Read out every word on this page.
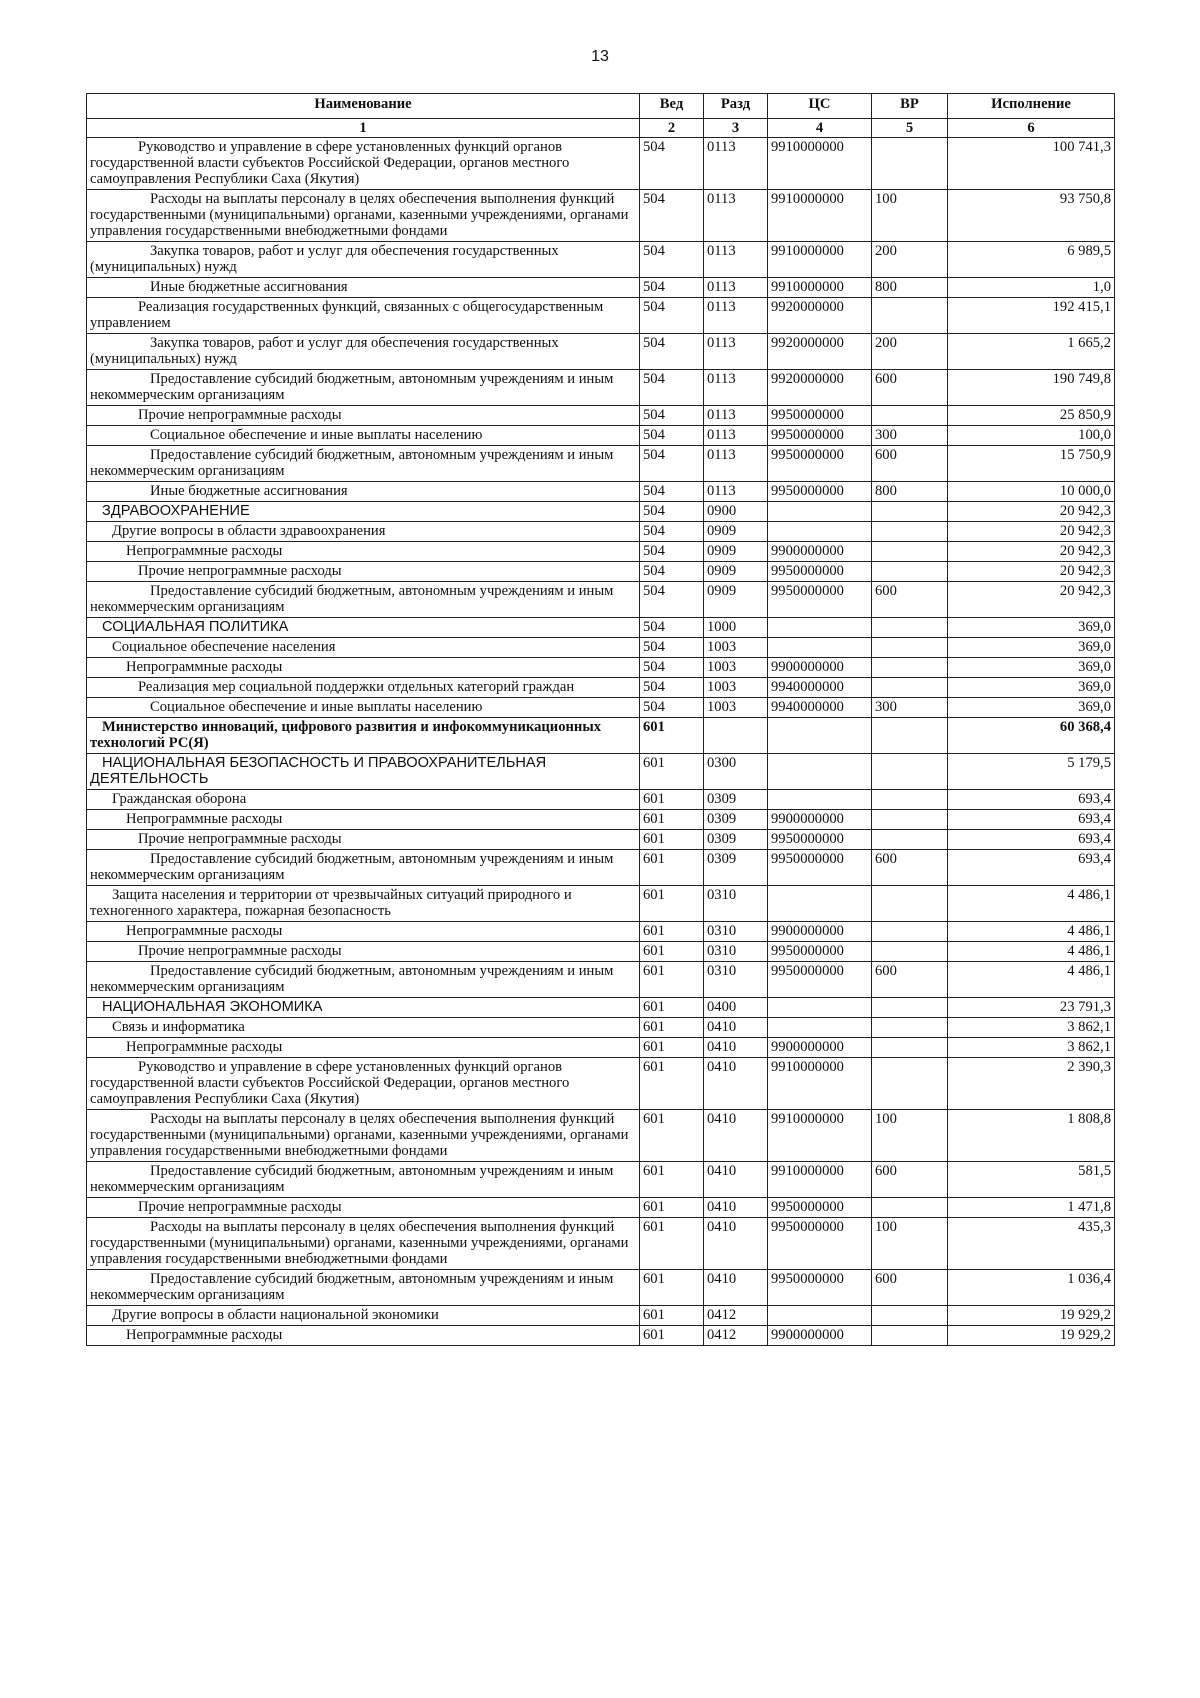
13
Наименование	Вед	Разд	ЦС	ВР	Исполнение
1	2	3	4	5	6
Руководство и управление в сфере установленных функций органов государственной власти субъектов Российской Федерации, органов местного самоуправления Республики Саха (Якутия)	504	0113	9910000000		100 741,3
Расходы на выплаты персоналу в целях обеспечения выполнения функций государственными (муниципальными) органами, казенными учреждениями, органами управления государственными внебюджетными фондами	504	0113	9910000000	100	93 750,8
Закупка товаров, работ и услуг для обеспечения государственных (муниципальных) нужд	504	0113	9910000000	200	6 989,5
Иные бюджетные ассигнования	504	0113	9910000000	800	1,0
Реализация государственных функций, связанных с общегосударственным управлением	504	0113	9920000000		192 415,1
Закупка товаров, работ и услуг для обеспечения государственных (муниципальных) нужд	504	0113	9920000000	200	1 665,2
Предоставление субсидий бюджетным, автономным учреждениям и иным некоммерческим организациям	504	0113	9920000000	600	190 749,8
Прочие непрограммные расходы	504	0113	9950000000		25 850,9
Социальное обеспечение и иные выплаты населению	504	0113	9950000000	300	100,0
Предоставление субсидий бюджетным, автономным учреждениям и иным некоммерческим организациям	504	0113	9950000000	600	15 750,9
Иные бюджетные ассигнования	504	0113	9950000000	800	10 000,0
ЗДРАВООХРАНЕНИЕ	504	0900			20 942,3
Другие вопросы в области здравоохранения	504	0909			20 942,3
Непрограммные расходы	504	0909	9900000000		20 942,3
Прочие непрограммные расходы	504	0909	9950000000		20 942,3
Предоставление субсидий бюджетным, автономным учреждениям и иным некоммерческим организациям	504	0909	9950000000	600	20 942,3
СОЦИАЛЬНАЯ ПОЛИТИКА	504	1000			369,0
Социальное обеспечение населения	504	1003			369,0
Непрограммные расходы	504	1003	9900000000		369,0
Реализация мер социальной поддержки отдельных категорий граждан	504	1003	9940000000		369,0
Социальное обеспечение и иные выплаты населению	504	1003	9940000000	300	369,0
Министерство инноваций, цифрового развития и инфокоммуникационных технологий РС(Я)	601				60 368,4
НАЦИОНАЛЬНАЯ БЕЗОПАСНОСТЬ И ПРАВООХРАНИТЕЛЬНАЯ ДЕЯТЕЛЬНОСТЬ	601	0300			5 179,5
Гражданская оборона	601	0309			693,4
Непрограммные расходы	601	0309	9900000000		693,4
Прочие непрограммные расходы	601	0309	9950000000		693,4
Предоставление субсидий бюджетным, автономным учреждениям и иным некоммерческим организациям	601	0309	9950000000	600	693,4
Защита населения и территории от чрезвычайных ситуаций природного и техногенного характера, пожарная безопасность	601	0310			4 486,1
Непрограммные расходы	601	0310	9900000000		4 486,1
Прочие непрограммные расходы	601	0310	9950000000		4 486,1
Предоставление субсидий бюджетным, автономным учреждениям и иным некоммерческим организациям	601	0310	9950000000	600	4 486,1
НАЦИОНАЛЬНАЯ ЭКОНОМИКА	601	0400			23 791,3
Связь и информатика	601	0410			3 862,1
Непрограммные расходы	601	0410	9900000000		3 862,1
Руководство и управление в сфере установленных функций органов государственной власти субъектов Российской Федерации, органов местного самоуправления Республики Саха (Якутия)	601	0410	9910000000		2 390,3
Расходы на выплаты персоналу в целях обеспечения выполнения функций государственными (муниципальными) органами, казенными учреждениями, органами управления государственными внебюджетными фондами	601	0410	9910000000	100	1 808,8
Предоставление субсидий бюджетным, автономным учреждениям и иным некоммерческим организациям	601	0410	9910000000	600	581,5
Прочие непрограммные расходы	601	0410	9950000000		1 471,8
Расходы на выплаты персоналу в целях обеспечения выполнения функций государственными (муниципальными) органами, казенными учреждениями, органами управления государственными внебюджетными фондами	601	0410	9950000000	100	435,3
Предоставление субсидий бюджетным, автономным учреждениям и иным некоммерческим организациям	601	0410	9950000000	600	1 036,4
Другие вопросы в области национальной экономики	601	0412			19 929,2
Непрограммные расходы	601	0412	9900000000		19 929,2
